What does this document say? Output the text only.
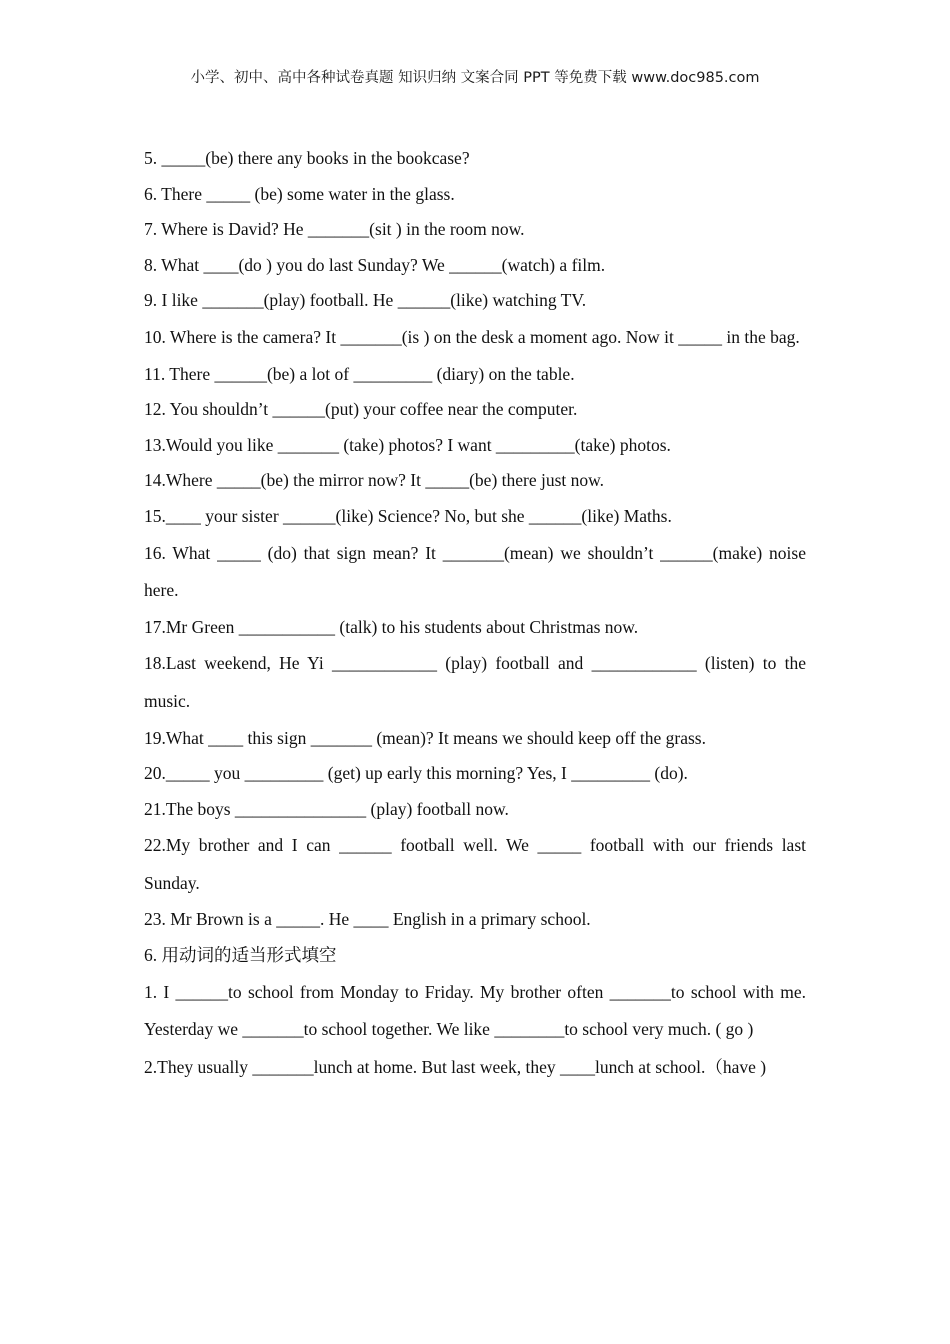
小学、初中、高中各种试卷真题 知识归纳 文案合同 PPT 等免费下载 www.doc985.com

5. _____(be) there any books in the bookcase?

6. There _____ (be) some water in the glass.

7. Where is David? He _______(sit ) in the room now.

8. What ____(do ) you do last Sunday? We ______(watch) a film.

9. I like _______(play) football. He ______(like) watching TV.

10. Where is the camera? It _______(is ) on the desk a moment ago. Now it _____ in the bag.

11. There ______(be) a lot of _________ (diary) on the table.

12. You shouldn’t ______(put) your coffee near the computer.

13.Would you like _______ (take) photos? I want _________(take) photos.

14.Where _____(be) the mirror now? It _____(be) there just now.

15.____ your sister ______(like) Science? No, but she ______(like) Maths.

16. What _____ (do) that sign mean? It _______(mean) we shouldn’t ______(make) noise here.

17.Mr Green ___________ (talk) to his students about Christmas now.

18.Last weekend, He Yi ____________ (play) football and ____________ (listen) to the music.

19.What ____ this sign _______ (mean)? It means we should keep off the grass.

20._____ you _________ (get) up early this morning? Yes, I _________ (do).

21.The boys _______________ (play) football now.

22.My brother and I can ______ football well. We _____ football with our friends last Sunday.

23. Mr Brown is a _____. He ____ English in a primary school.

6. 用动词的适当形式填空

1. I ______to school from Monday to Friday. My brother often _______to school with me. Yesterday we _______to school together. We like ________to school very much. ( go )

2.They usually _______lunch at home. But last week, they ____lunch at school.（have )
